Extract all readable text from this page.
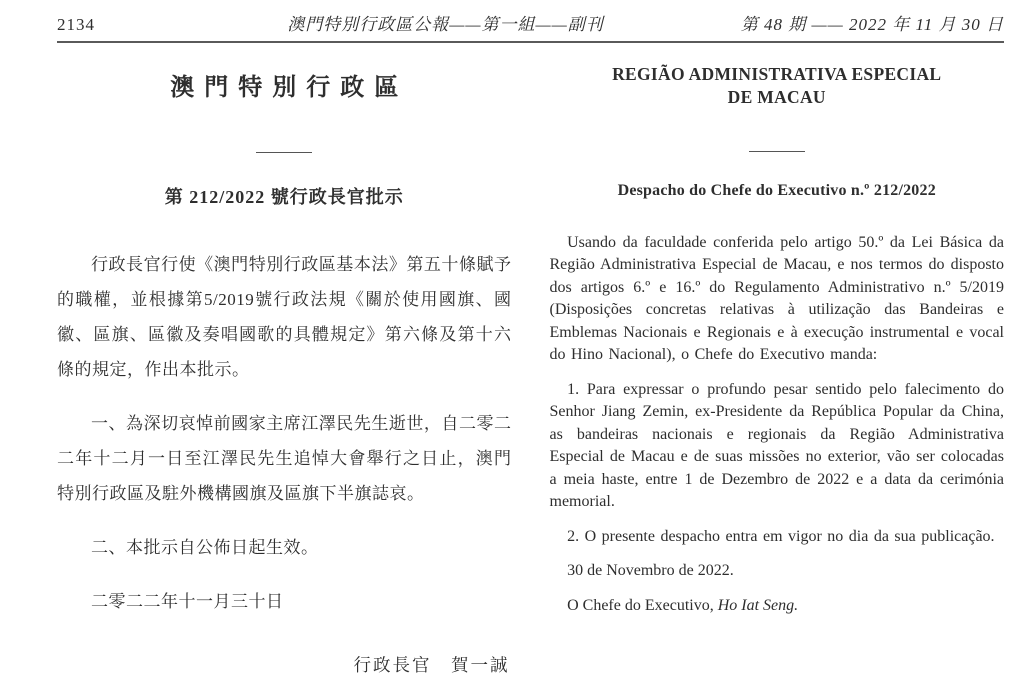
2134	澳門特別行政區公報——第一組——副刊	第 48 期 —— 2022 年 11 月 30 日
澳門特別行政區
第 212/2022 號行政長官批示

行政長官行使《澳門特別行政區基本法》第五十條賦予的職權，並根據第5/2019號行政法規《關於使用國旗、國徽、區旗、區徽及奏唱國歌的具體規定》第六條及第十六條的規定，作出本批示。

一、為深切哀悼前國家主席江澤民先生逝世，自二零二二年十二月一日至江澤民先生追悼大會舉行之日止，澳門特別行政區及駐外機構國旗及區旗下半旗誌哀。

二、本批示自公佈日起生效。

二零二二年十一月三十日

行政長官　賀一誠

REGIÃO ADMINISTRATIVA ESPECIAL
DE MACAU
Despacho do Chefe do Executivo n.º 212/2022

Usando da faculdade conferida pelo artigo 50.º da Lei Básica da Região Administrativa Especial de Macau, e nos termos do disposto dos artigos 6.º e 16.º do Regulamento Administrativo n.º 5/2019 (Disposições concretas relativas à utilização das Bandeiras e Emblemas Nacionais e Regionais e à execução instrumental e vocal do Hino Nacional), o Chefe do Executivo manda:

1. Para expressar o profundo pesar sentido pelo falecimento do Senhor Jiang Zemin, ex-Presidente da República Popular da China, as bandeiras nacionais e regionais da Região Administrativa Especial de Macau e de suas missões no exterior, vão ser colocadas a meia haste, entre 1 de Dezembro de 2022 e a data da cerimónia memorial.

2. O presente despacho entra em vigor no dia da sua publicação.

30 de Novembro de 2022.

O Chefe do Executivo, Ho Iat Seng.
